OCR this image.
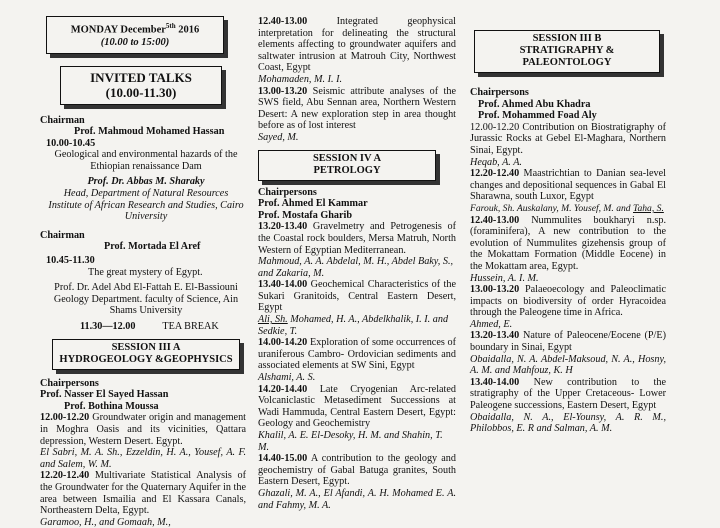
MONDAY December$^{5th}$ 2016
(10.00 to 15:00)
INVITED TALKS
(10.00-11.30)
Chairman
Prof. Mahmoud Mohamed Hassan
10.00-10.45
Geological and environmental hazards of the Ethiopian renaissance Dam
Prof. Dr. Abbas M. Sharaky
Head, Department of Natural Resources Institute of African Research and Studies, Cairo University
Chairman
Prof. Mortada El Aref
10.45-11.30
The great mystery of Egypt.
Prof. Dr. Adel Abd El-Fattah E. El-Bassiouni Geology Department. faculty of Science, Ain Shams University
11.30—12.00	TEA BREAK
SESSION III A
HYDROGEOLOGY &GEOPHYSICS
Chairpersons
Prof. Nasser El Sayed Hassan
Prof. Bothina Moussa
12.00-12.20 Groundwater origin and management in Moghra Oasis and its vicinities, Qattara depression, Western Desert. Egypt.
El Sabri, M. A. Sh., Ezzeldin, H. A., Yousef, A. F. and Salem, W. M.
12.20-12.40 Multivariate Statistical Analysis of the Groundwater for the Quaternary Aquifer in the area between Ismailia and El Kassara Canals, Northeastern Delta, Egypt.
Garamoo, H., and Gomaah, M.,
12.40-13.00	Integrated geophysical interpretation for delineating the structural elements affecting to groundwater aquifers and saltwater intrusion at Matrouh City, Northwest Coast, Egypt
Mohamaden, M. I. I.
13.00-13.20 Seismic attribute analyses of the SWS field, Abu Sennan area, Northern Western Desert: A new exploration step in area thought before as of lost interest
Sayed, M.
SESSION IV A
PETROLOGY
Chairpersons
Prof. Ahmed El Kammar
Prof. Mostafa Gharib
13.20-13.40 Gravelmetry and Petrogenesis of the Coastal rock boulders, Mersa Matruh, North Western of Egyptian Mediterranean.
Mahmoud, A. A. Abdelal, M. H., Abdel Baky, S., and Zakaria, M.
13.40-14.00 Geochemical Characteristics of the Sukari Granitoids, Central Eastern Desert, Egypt
Ali, Sh. Mohamed, H. A., Abdelkhalik, I. I. and Sedkie, T.
14.00-14.20 Exploration of some occurrences of uraniferous Cambro- Ordovician sediments and associated elements at SW Sini, Egypt
Alshami, A. S.
14.20-14.40 Late Cryogenian Arc-related Volcaniclastic Metasediment Successions at Wadi Hammuda, Central Eastern Desert, Egypt: Geology and Geochemistry
Khalil, A. E. El-Desoky, H. M. and Shahin, T. M.
14.40-15.00 A contribution to the geology and geochemistry of Gabal Batuga granites, South Eastern Desert, Egypt.
Ghazali, M. A., El Afandi, A. H. Mohamed E. A. and Fahmy, M. A.
SESSION III B
STRATIGRAPHY & PALEONTOLOGY
Chairpersons
Prof. Ahmed Abu Khadra
Prof. Mohammed Foad Aly
12.00-12.20 Contribution on Biostratigraphy of Jurassic Rocks at Gebel El-Maghara, Northern Sinai, Egypt.
Heqab, A. A.
12.20-12.40 Maastrichtian to Danian sea-level changes and depositional sequences in Gabal El Sharawna, south Luxor, Egypt
Farouk, Sh. Auskalany, M. Yousef, M. and Taha, S.
12.40-13.00 Nummulites boukharyi n.sp. (foraminifera), A new contribution to the evolution of Nummulites gizehensis group of the Mokattam Formation (Middle Eocene) in the Mokattam area, Egypt.
Hussein, A. I. M.
13.00-13.20 Palaeoecology and Paleoclimatic impacts on biodiversity of order Hyracoidea through the Paleogene time in Africa.
Ahmed, E.
13.20-13.40 Nature of Paleocene/Eocene (P/E) boundary in Sinai, Egypt
Obaidalla, N. A. Abdel-Maksoud, N. A., Hosny, A. M. and Mahfouz, K. H
13.40-14.00 New contribution to the stratigraphy of the Upper Cretaceous- Lower Paleogene successions, Eastern Desert, Egypt
Obaidalla, N. A., El-Younsy, A. R. M., Philobbos, E. R and Salman, A. M.
